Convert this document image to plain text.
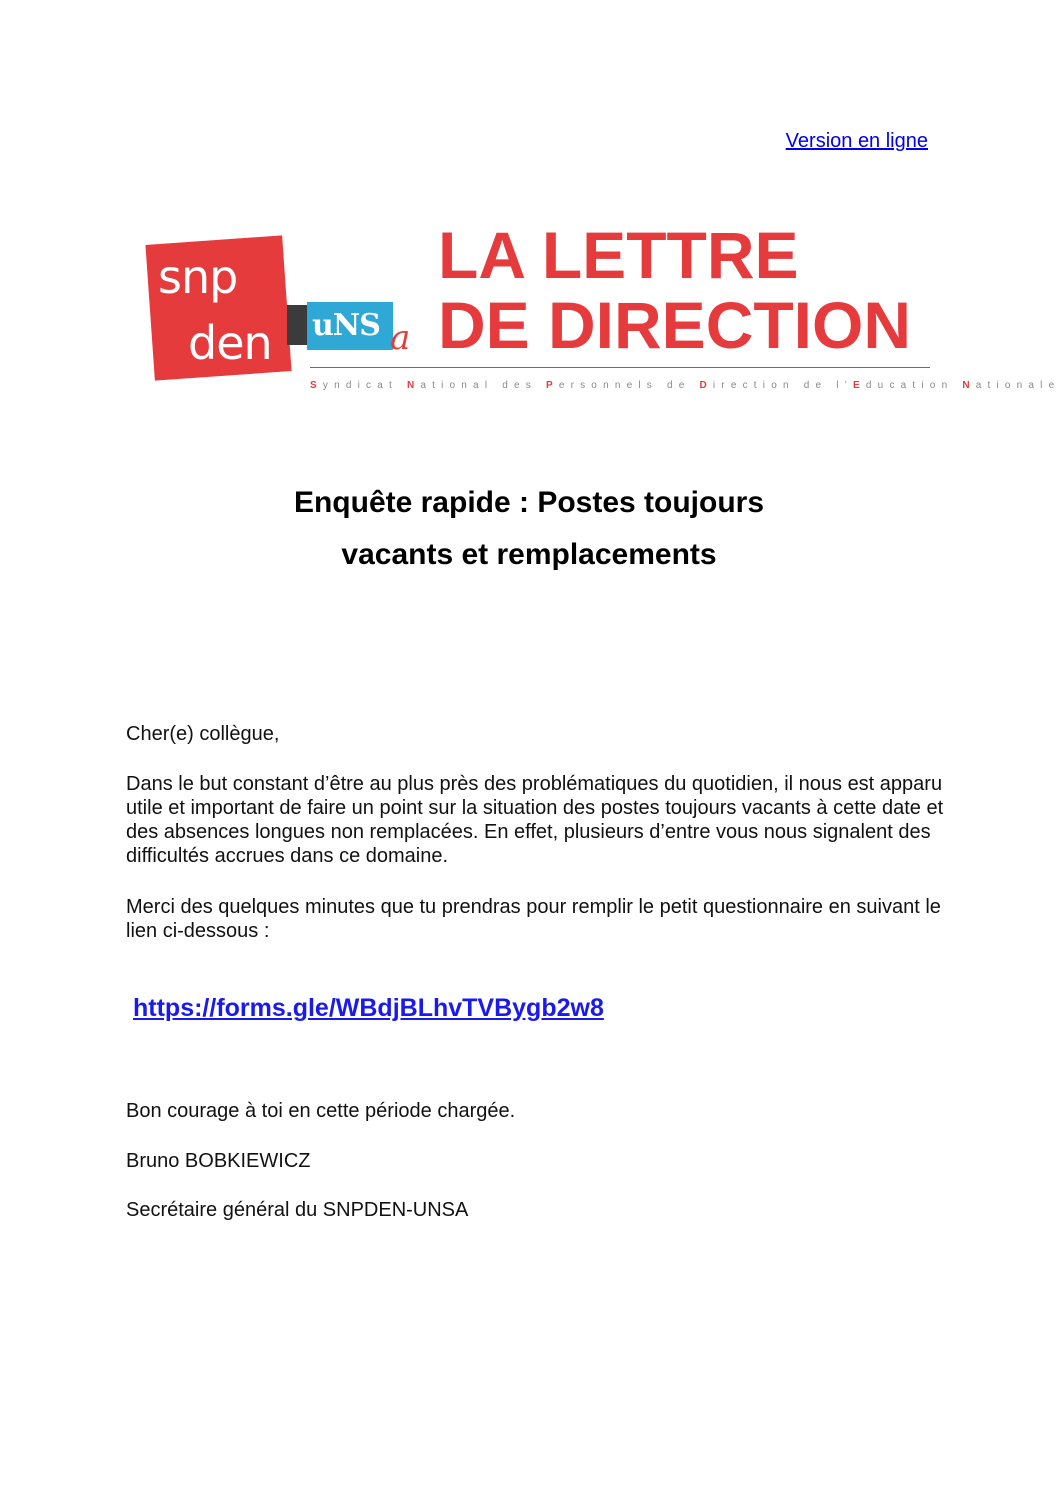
Version en ligne
snp
den uNS a
LA LETTRE
DE DIRECTION
Syndicat National des Personnels de Direction de l’Education Nationale
Enquête rapide : Postes toujours
vacants et remplacements
Cher(e) collègue,
Dans le but constant d’être au plus près des problématiques du quotidien, il nous est apparu utile et important de faire un point sur la situation des postes toujours vacants à cette date et des absences longues non remplacées. En effet, plusieurs d’entre vous nous signalent des difficultés accrues dans ce domaine.
Merci des quelques minutes que tu prendras pour remplir le petit questionnaire en suivant le lien ci-dessous :
https://forms.gle/WBdjBLhvTVBygb2w8
Bon courage à toi en cette période chargée.
Bruno BOBKIEWICZ
Secrétaire général du SNPDEN-UNSA
